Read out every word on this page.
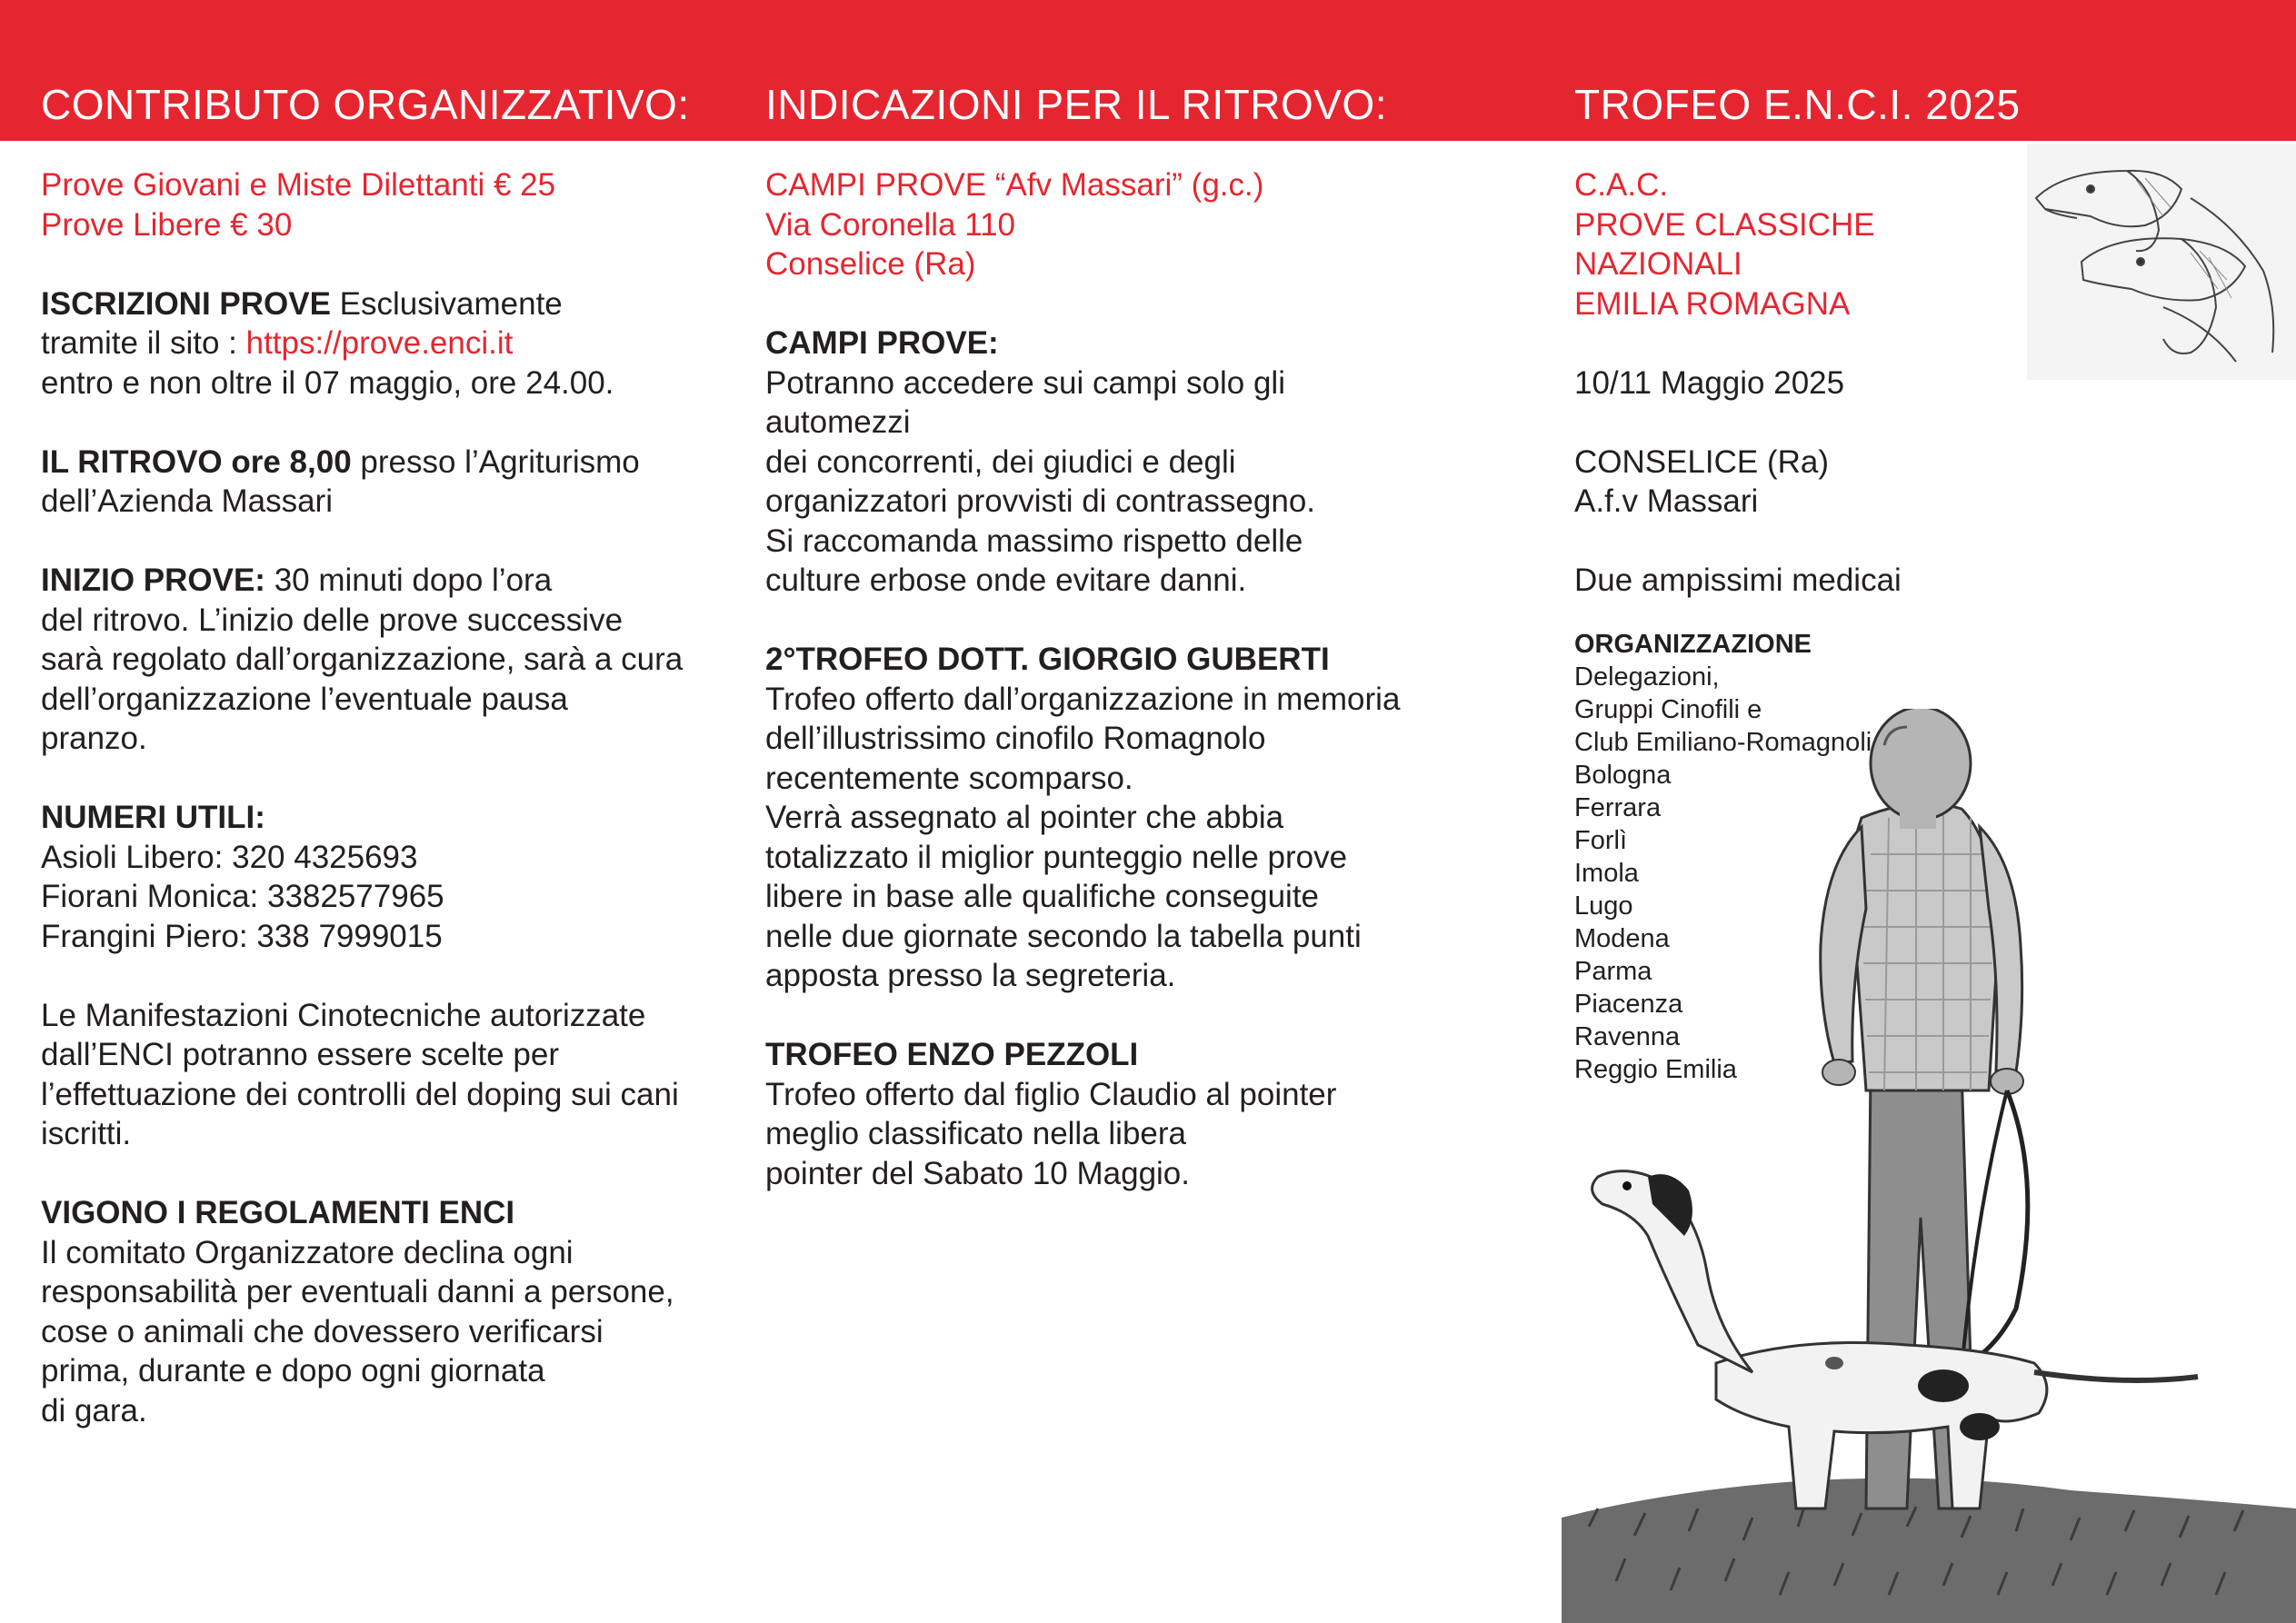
CONTRIBUTO ORGANIZZATIVO: INDICAZIONI PER IL RITROVO:	TROFEO E.N.C.I. 2025

Prove Giovani e Miste Dilettanti € 25

Prove Libere € 30

ISCRIZIONI PROVE Esclusivamente

tramite il sito : https://prove.enci.it

entro e non oltre il 07 maggio, ore 24.00.

IL RITROVO ore 8,00 presso l’Agriturismo

dell’Azienda Massari

INIZIO PROVE: 30 minuti dopo l’ora

del ritrovo. L’inizio delle prove successive

sarà regolato dall’organizzazione, sarà a cura

dell’organizzazione l’eventuale pausa

pranzo.

NUMERI UTILI:

Asioli Libero: 320 4325693

Fiorani Monica: 3382577965

Frangini Piero: 338 7999015

Le Manifestazioni Cinotecniche autorizzate

dall’ENCI potranno essere scelte per

l’effettuazione dei controlli del doping sui cani

iscritti.

VIGONO I REGOLAMENTI ENCI

Il comitato Organizzatore declina ogni

responsabilità per eventuali danni a persone,

cose o animali che dovessero verificarsi

prima, durante e dopo ogni giornata

di gara.

CAMPI PROVE “Afv Massari” (g.c.)

Via Coronella 110

Conselice (Ra)

CAMPI PROVE:

Potranno accedere sui campi solo gli

automezzi

dei concorrenti, dei giudici e degli

organizzatori provvisti di contrassegno.

Si raccomanda massimo rispetto delle

culture erbose onde evitare danni.

2°TROFEO DOTT. GIORGIO GUBERTI

Trofeo offerto dall’organizzazione in memoria

dell’illustrissimo cinofilo Romagnolo

recentemente scomparso.

Verrà assegnato al pointer che abbia

totalizzato il miglior punteggio nelle prove

libere in base alle qualifiche conseguite

nelle due giornate secondo la tabella punti

apposta presso la segreteria.

TROFEO ENZO PEZZOLI

Trofeo offerto dal figlio Claudio al pointer

meglio classificato nella libera

pointer del Sabato 10 Maggio.

C.A.C.

PROVE CLASSICHE

NAZIONALI

EMILIA ROMAGNA

10/11 Maggio 2025

CONSELICE (Ra)

A.f.v Massari

Due ampissimi medicai

ORGANIZZAZIONE

Delegazioni,

Gruppi Cinofili e

Club Emiliano-Romagnoli

Bologna

Ferrara

Forlì

Imola

Lugo

Modena

Parma

Piacenza

Ravenna

Reggio Emilia
